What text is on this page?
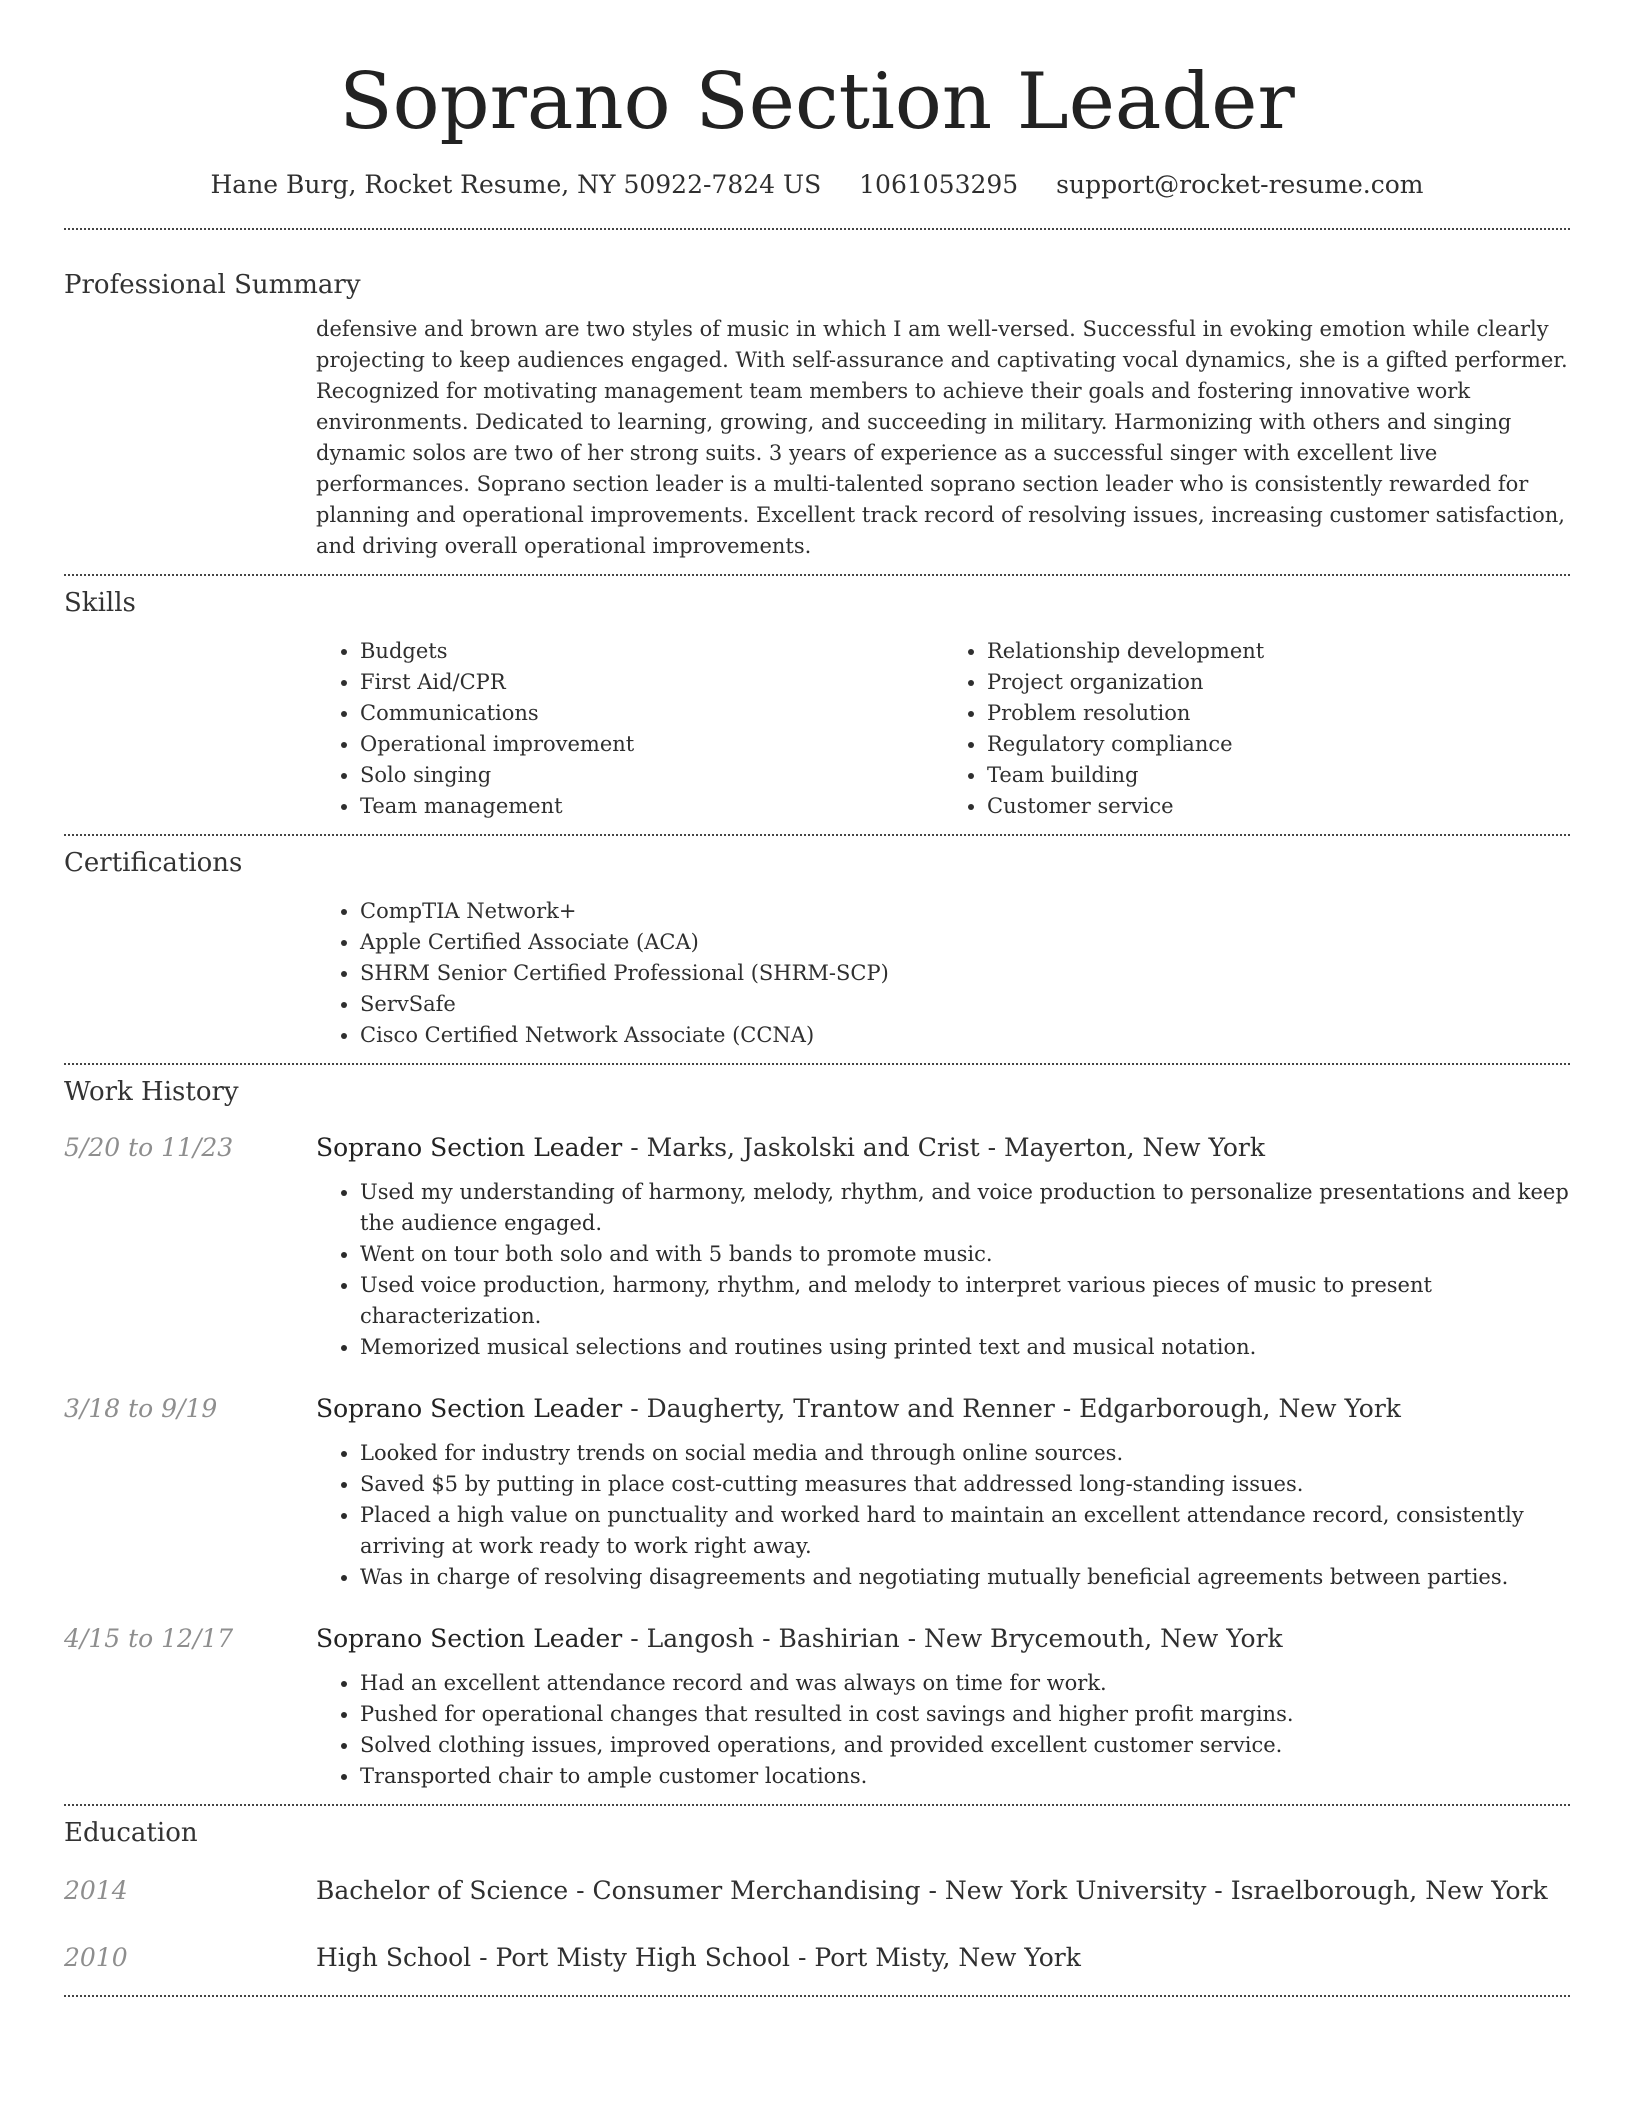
Soprano Section Leader
Hane Burg, Rocket Resume, NY 50922-7824 US 1061053295 support@rocket-resume.com
Professional Summary
defensive and brown are two styles of music in which I am well-versed. Successful in evoking emotion while clearly projecting to keep audiences engaged. With self-assurance and captivating vocal dynamics, she is a gifted performer. Recognized for motivating management team members to achieve their goals and fostering innovative work environments. Dedicated to learning, growing, and succeeding in military. Harmonizing with others and singing dynamic solos are two of her strong suits. 3 years of experience as a successful singer with excellent live performances. Soprano section leader is a multi-talented soprano section leader who is consistently rewarded for planning and operational improvements. Excellent track record of resolving issues, increasing customer satisfaction, and driving overall operational improvements.
Skills
• Budgets
• First Aid/CPR
• Communications
• Operational improvement
• Solo singing
• Team management
• Relationship development
• Project organization
• Problem resolution
• Regulatory compliance
• Team building
• Customer service
Certifications
• CompTIA Network+
• Apple Certified Associate (ACA)
• SHRM Senior Certified Professional (SHRM-SCP)
• ServSafe
• Cisco Certified Network Associate (CCNA)
Work History
5/20 to 11/23	Soprano Section Leader - Marks, Jaskolski and Crist - Mayerton, New York
• Used my understanding of harmony, melody, rhythm, and voice production to personalize presentations and keep the audience engaged.
• Went on tour both solo and with 5 bands to promote music.
• Used voice production, harmony, rhythm, and melody to interpret various pieces of music to present characterization.
• Memorized musical selections and routines using printed text and musical notation.
3/18 to 9/19	Soprano Section Leader - Daugherty, Trantow and Renner - Edgarborough, New York
• Looked for industry trends on social media and through online sources.
• Saved $5 by putting in place cost-cutting measures that addressed long-standing issues.
• Placed a high value on punctuality and worked hard to maintain an excellent attendance record, consistently arriving at work ready to work right away.
• Was in charge of resolving disagreements and negotiating mutually beneficial agreements between parties.
4/15 to 12/17	Soprano Section Leader - Langosh - Bashirian - New Brycemouth, New York
• Had an excellent attendance record and was always on time for work.
• Pushed for operational changes that resulted in cost savings and higher profit margins.
• Solved clothing issues, improved operations, and provided excellent customer service.
• Transported chair to ample customer locations.
Education
2014	Bachelor of Science - Consumer Merchandising - New York University - Israelborough, New York
2010	High School - Port Misty High School - Port Misty, New York
